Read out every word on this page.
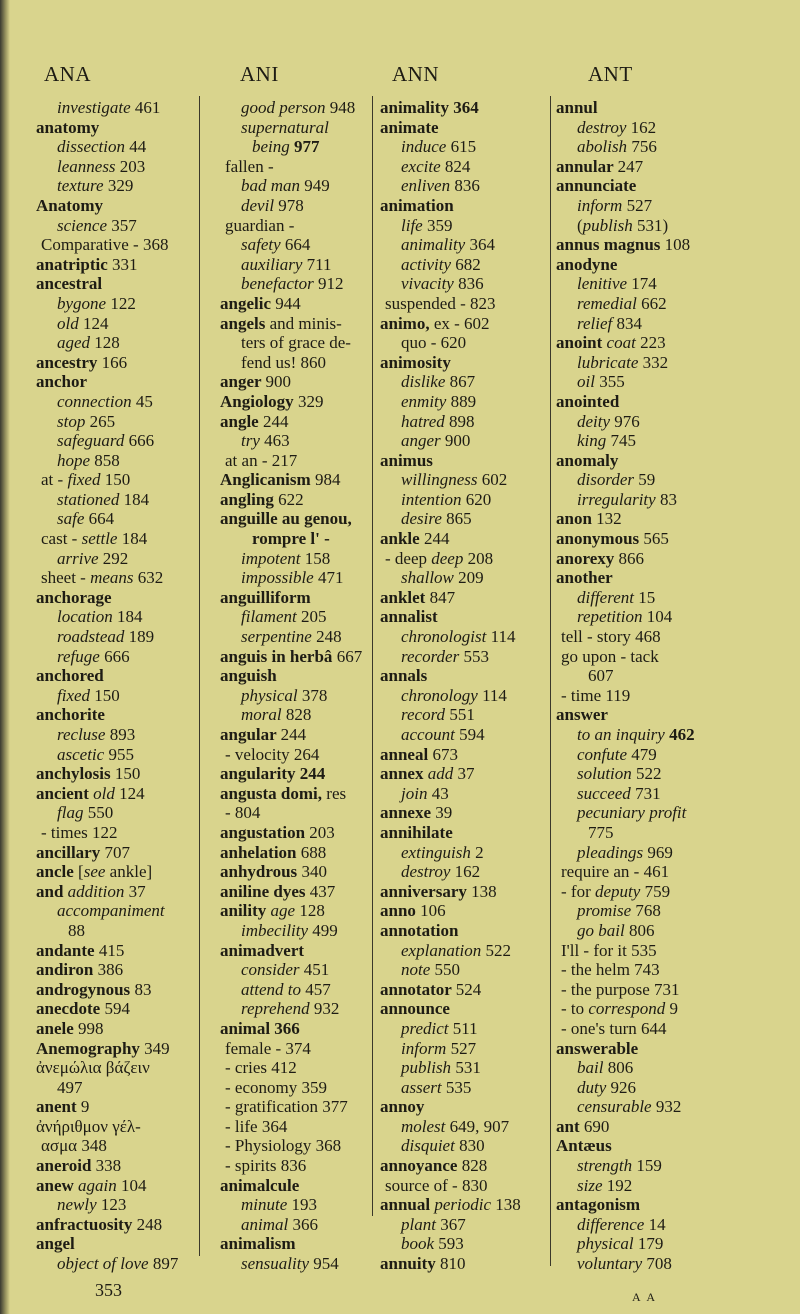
ANA	ANI	ANN	ANT
investigate 461
anatomy
dissection 44
leanness 203
texture 329
Anatomy
science 357
Comparative - 368
anatriptic 331
ancestral
bygone 122
old 124
aged 128
ancestry 166
anchor
connection 45
stop 265
safeguard 666
hope 858
at - fixed 150
stationed 184
safe 664
cast - settle 184
arrive 292
sheet - means 632
anchorage
location 184
roadstead 189
refuge 666
anchored
fixed 150
anchorite
recluse 893
ascetic 955
anchylosis 150
ancient old 124
flag 550
- times 122
ancillary 707
ancle [see ankle]
and addition 37
accompaniment
88
andante 415
andiron 386
androgynous 83
anecdote 594
anele 998
Anemography 349
ἀνεμώλια βάζειν
497
anent 9
ἀνήριθμον γέλ-
ασμα 348
aneroid 338
anew again 104
newly 123
anfractuosity 248
angel
object of love 897
good person 948
supernatural
being 977
fallen -
bad man 949
devil 978
guardian -
safety 664
auxiliary 711
benefactor 912
angelic 944
angels and minis-
ters of grace de-
fend us! 860
anger 900
Angiology 329
angle 244
try 463
at an - 217
Anglicanism 984
angling 622
anguille au genou,
rompre l' -
impotent 158
impossible 471
anguilliform
filament 205
serpentine 248
anguis in herbâ 667
anguish
physical 378
moral 828
angular 244
- velocity 264
angularity 244
angusta domi, res
- 804
angustation 203
anhelation 688
anhydrous 340
aniline dyes 437
anility age 128
imbecility 499
animadvert
consider 451
attend to 457
reprehend 932
animal 366
female - 374
- cries 412
- economy 359
- gratification 377
- life 364
- Physiology 368
- spirits 836
animalcule
minute 193
animal 366
animalism
sensuality 954
animality 364
animate
induce 615
excite 824
enliven 836
animation
life 359
animality 364
activity 682
vivacity 836
suspended - 823
animo, ex - 602
quo - 620
animosity
dislike 867
enmity 889
hatred 898
anger 900
animus
willingness 602
intention 620
desire 865
ankle 244
- deep deep 208
shallow 209
anklet 847
annalist
chronologist 114
recorder 553
annals
chronology 114
record 551
account 594
anneal 673
annex add 37
join 43
annexe 39
annihilate
extinguish 2
destroy 162
anniversary 138
anno 106
annotation
explanation 522
note 550
annotator 524
announce
predict 511
inform 527
publish 531
assert 535
annoy
molest 649, 907
disquiet 830
annoyance 828
source of - 830
annual periodic 138
plant 367
book 593
annuity 810
annul
destroy 162
abolish 756
annular 247
annunciate
inform 527
(publish 531)
annus magnus 108
anodyne
lenitive 174
remedial 662
relief 834
anoint coat 223
lubricate 332
oil 355
anointed
deity 976
king 745
anomaly
disorder 59
irregularity 83
anon 132
anonymous 565
anorexy 866
another
different 15
repetition 104
tell - story 468
go upon - tack
607
- time 119
answer
to an inquiry 462
confute 479
solution 522
succeed 731
pecuniary profit
775
pleadings 969
require an - 461
- for deputy 759
promise 768
go bail 806
I'll - for it 535
- the helm 743
- the purpose 731
- to correspond 9
- one's turn 644
answerable
bail 806
duty 926
censurable 932
ant 690
Antæus
strength 159
size 192
antagonism
difference 14
physical 179
voluntary 708
353	A A
